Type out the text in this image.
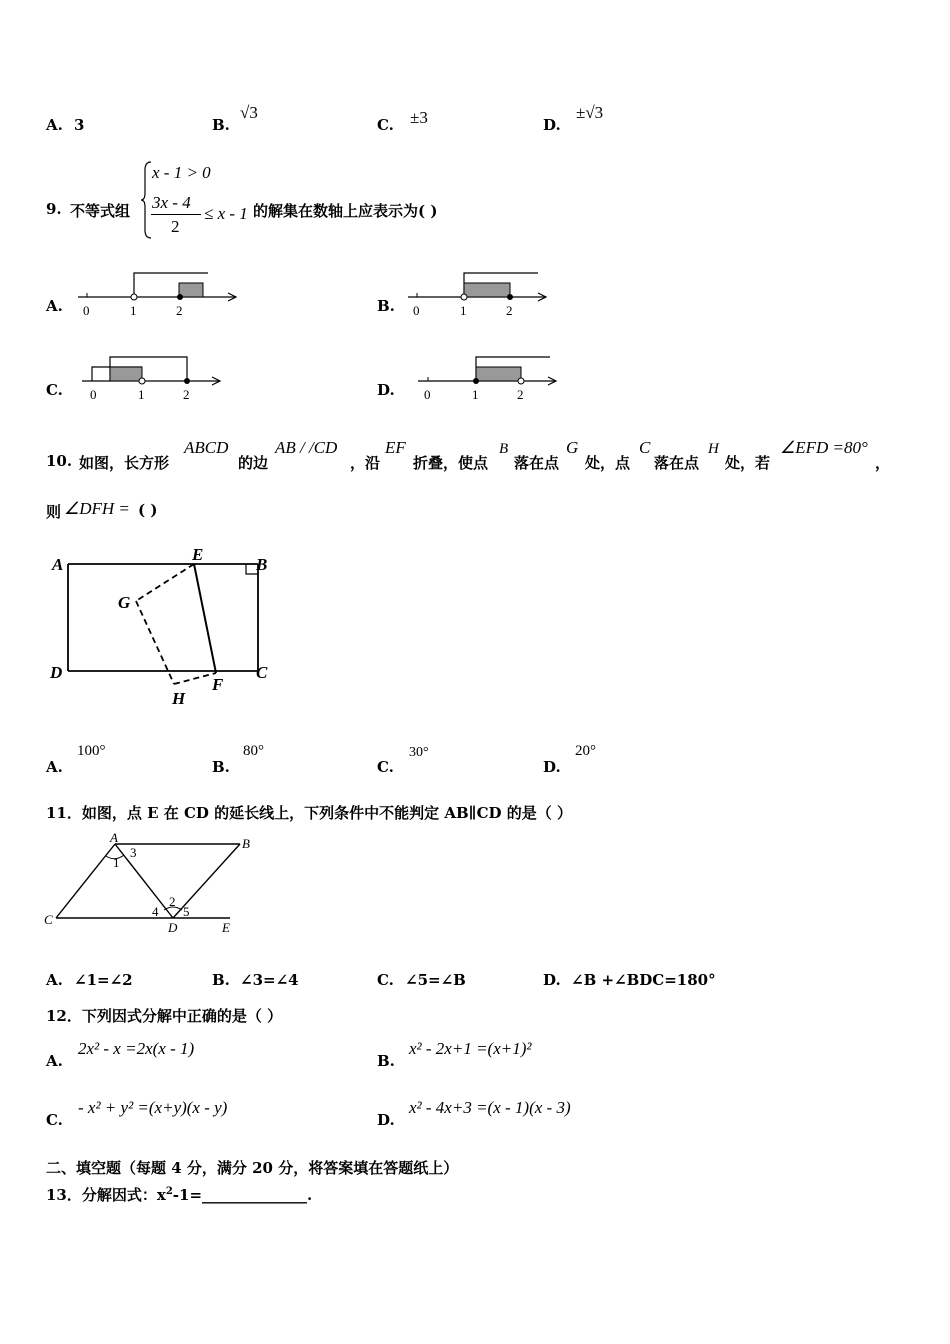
A. 3	B.
√3
C. ±3	D.
±√3
9. 不等式组
x - 1 > 0
3x - 4
2
≤ x - 1 的解集在数轴上应表示为( )
A. 0	1	2	B. 0	1	2
C. 0	1	2	D. 0	1	2
10. 如图，长方形
ABCD
的边
AB / /CD
，沿
EF
折叠，使点
B
落在点
G
处，点
C
落在点
H
处，若
∠EFD =80°
，
则 ∠DFH = ( )
A
E
B
G
D	C
F
H
A.
100°
B.
80°
C.
30°
D.
20°
11．如图，点 E 在 CD 的延长线上，下列条件中不能判定 AB∥CD 的是（ ）
A	B
C
D	E
1
3
2
4 5
A. ∠1=∠2	B. ∠3=∠4	C. ∠5=∠B	D. ∠B +∠BDC=180°
12．下列因式分解中正确的是（ ）
A.
2x² - x =2x(x - 1)
B.
x² - 2x+1 =(x+1)²
C.
- x² + y² =(x+y)(x - y)
D.
x² - 4x+3 =(x - 1)(x - 3)
二、填空题（每题 4 分，满分 20 分，将答案填在答题纸上）
13．分解因式：$x^2-1=\_\_\_\_\_\_\_\_\_\_\_\_\_\_$.
